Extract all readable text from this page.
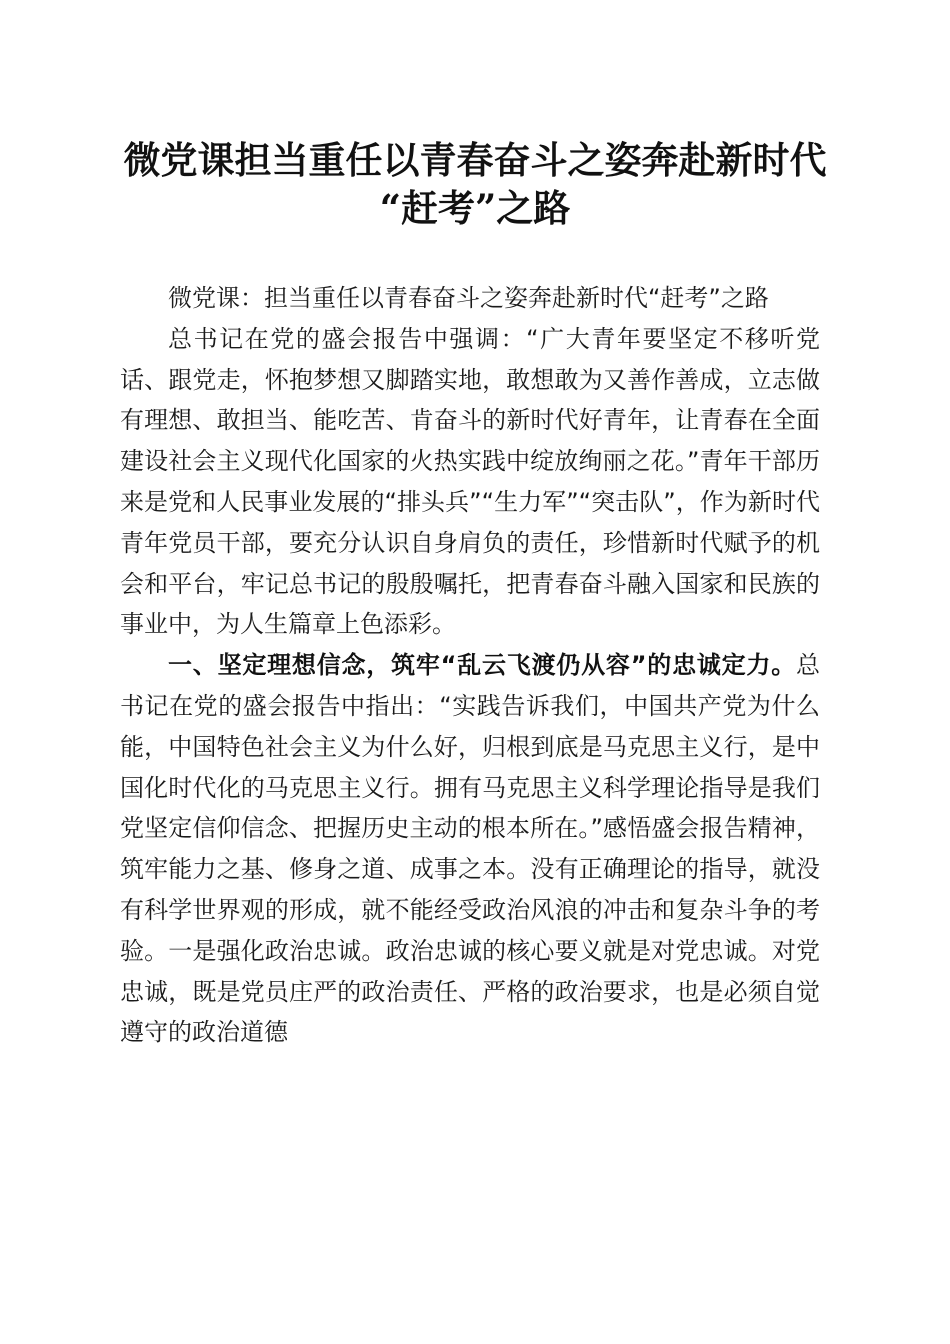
微党课担当重任以青春奋斗之姿奔赴新时代
“赶考”之路

微党课：担当重任以青春奋斗之姿奔赴新时代“赶考”之路

总书记在党的盛会报告中强调：“广大青年要坚定不移听党话、跟党走，怀抱梦想又脚踏实地，敢想敢为又善作善成，立志做有理想、敢担当、能吃苦、肯奋斗的新时代好青年，让青春在全面建设社会主义现代化国家的火热实践中绽放绚丽之花。”青年干部历来是党和人民事业发展的“排头兵”“生力军”“突击队”，作为新时代青年党员干部，要充分认识自身肩负的责任，珍惜新时代赋予的机会和平台，牢记总书记的殷殷嘱托，把青春奋斗融入国家和民族的事业中，为人生篇章上色添彩。

一、坚定理想信念，筑牢“乱云飞渡仍从容”的忠诚定力。总书记在党的盛会报告中指出：“实践告诉我们，中国共产党为什么能，中国特色社会主义为什么好，归根到底是马克思主义行，是中国化时代化的马克思主义行。拥有马克思主义科学理论指导是我们党坚定信仰信念、把握历史主动的根本所在。”感悟盛会报告精神，筑牢能力之基、修身之道、成事之本。没有正确理论的指导，就没有科学世界观的形成，就不能经受政治风浪的冲击和复杂斗争的考验。一是强化政治忠诚。政治忠诚的核心要义就是对党忠诚。对党忠诚，既是党员庄严的政治责任、严格的政治要求，也是必须自觉遵守的政治道德
